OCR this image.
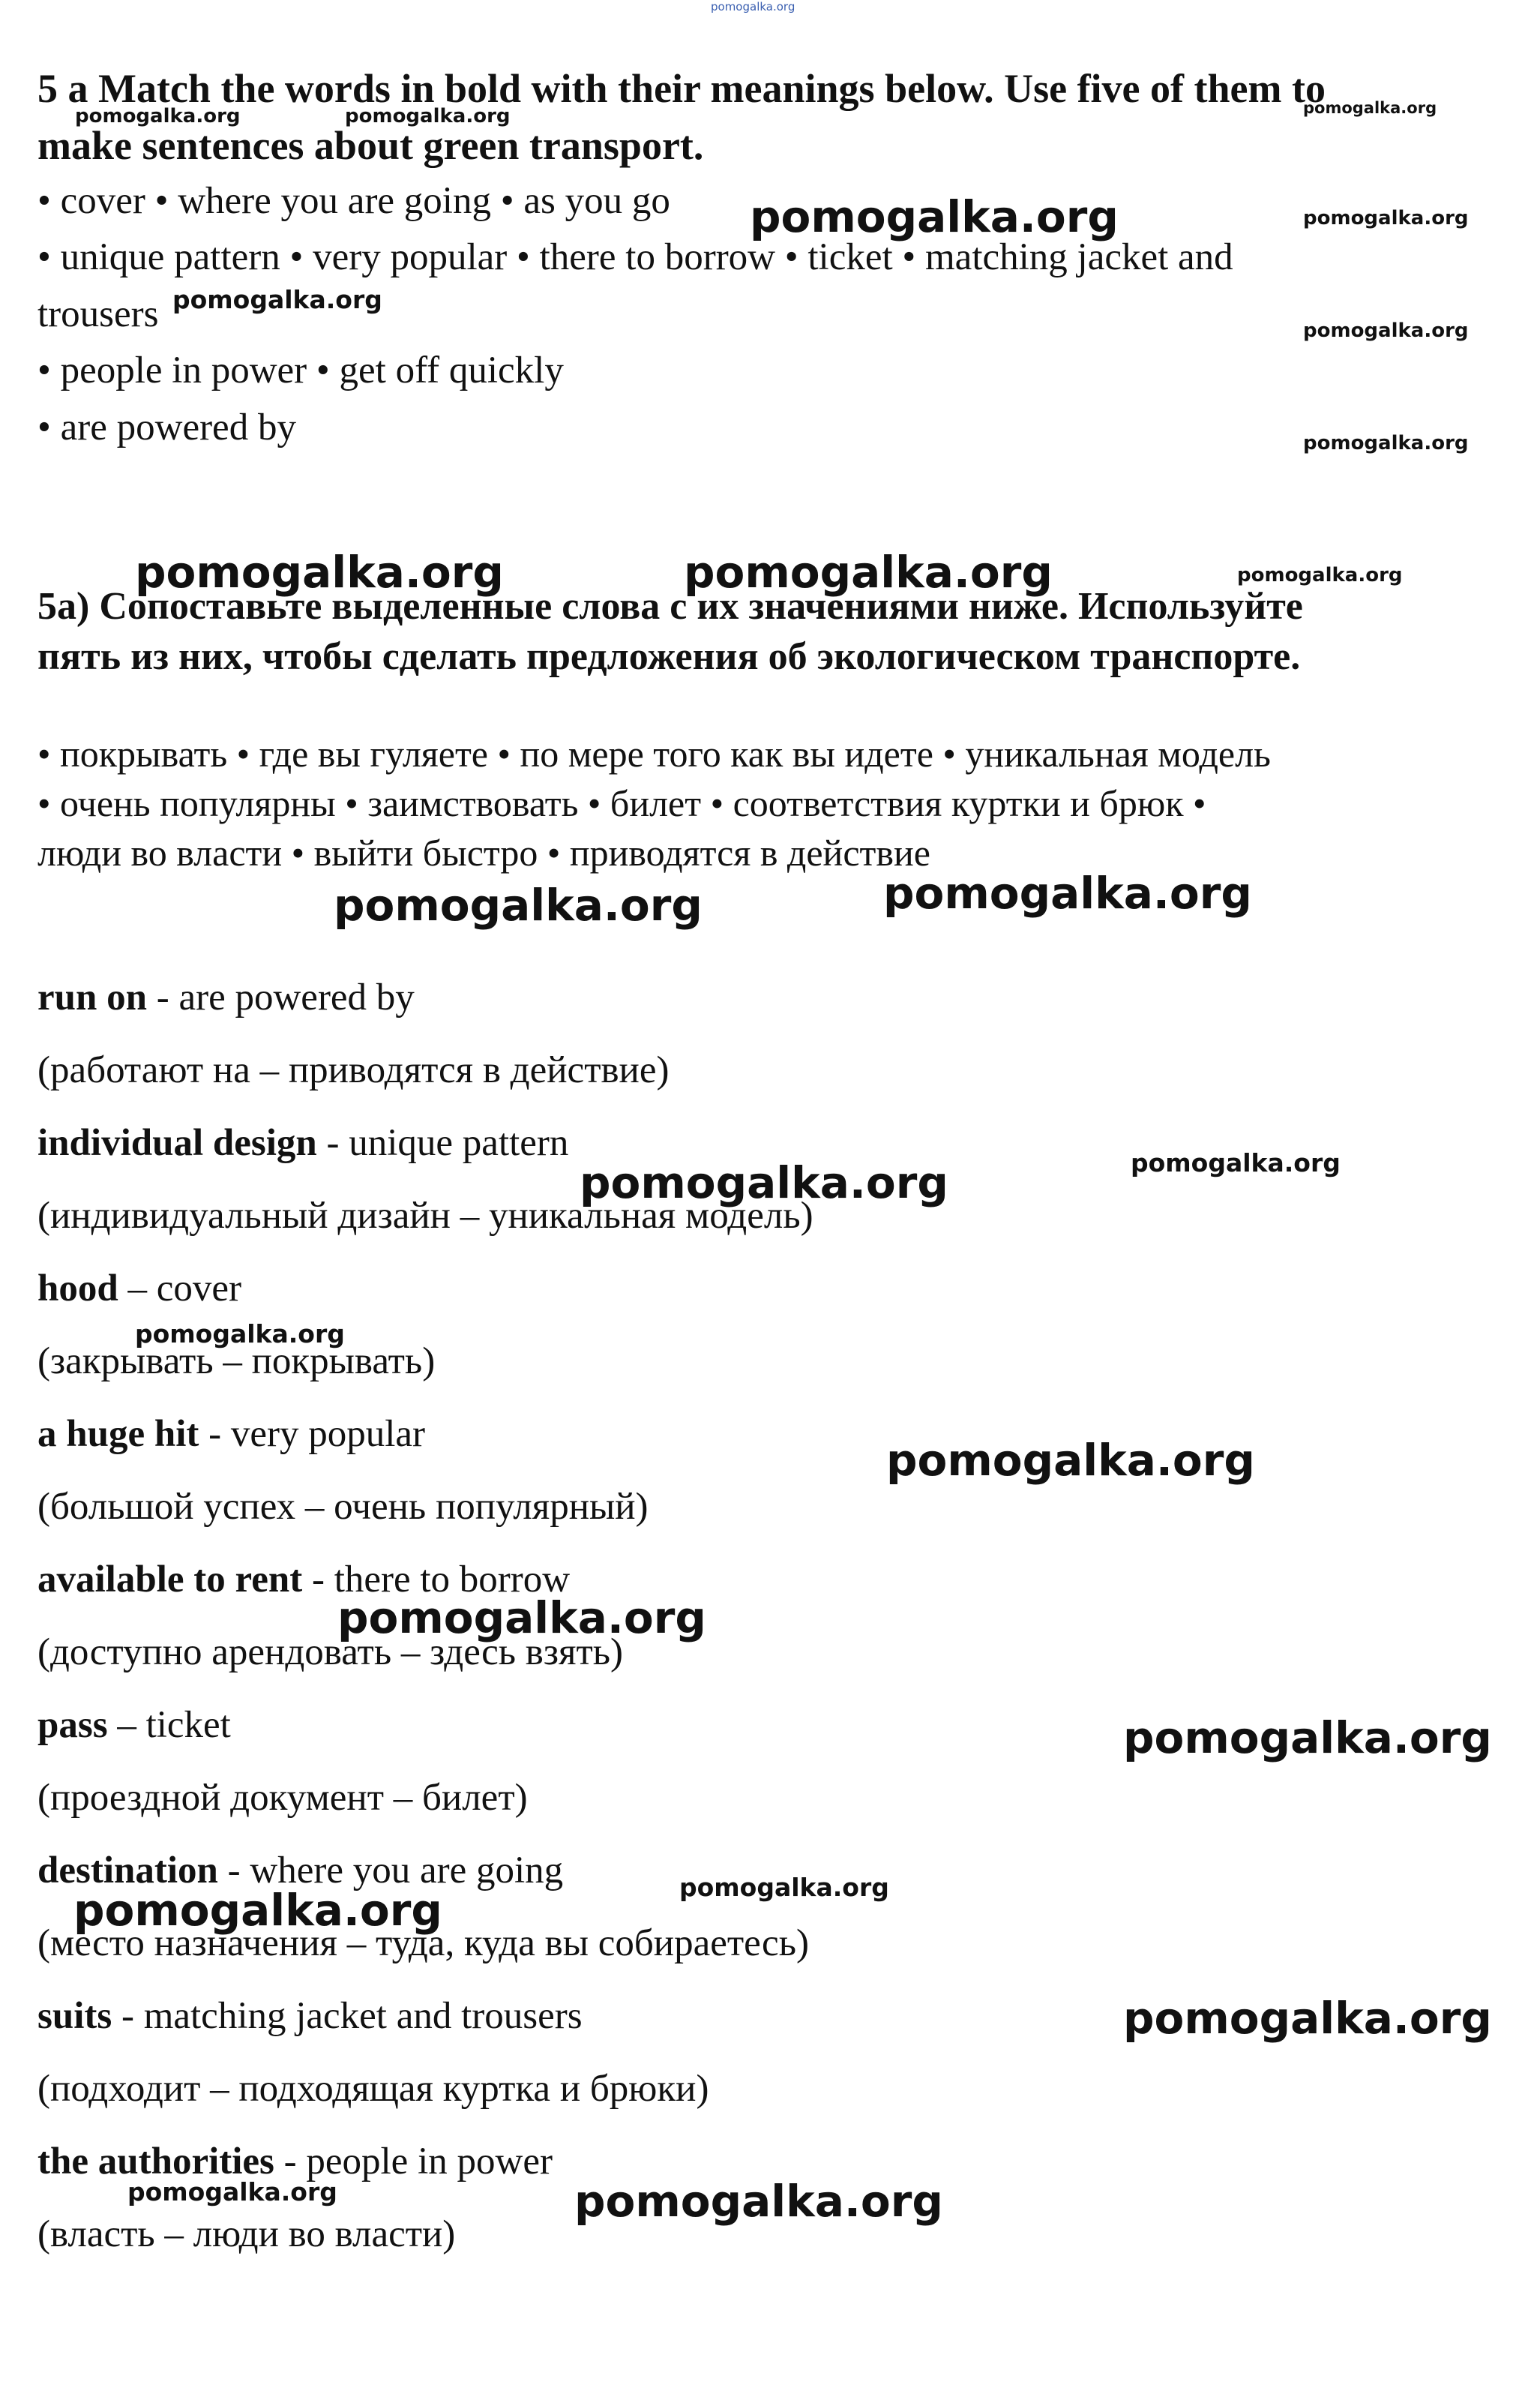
pomogalka.org
5 a Match the words in bold with their meanings below. Use five of them to
make sentences about green transport.
• cover • where you are going • as you go
• unique pattern • very popular • there to borrow • ticket • matching jacket and
trousers
• people in power • get off quickly
• are powered by
5a) Сопоставьте выделенные слова с их значениями ниже. Используйте
пять из них, чтобы сделать предложения об экологическом транспорте.
• покрывать • где вы гуляете • по мере того как вы идете • уникальная модель
• очень популярны • заимствовать • билет • соответствия куртки и брюк •
люди во власти • выйти быстро • приводятся в действие
run on - are powered by
(работают на – приводятся в действие)
individual design - unique pattern
(индивидуальный дизайн – уникальная модель)
hood – cover
(закрывать – покрывать)
a huge hit - very popular
(большой успех – очень популярный)
available to rent - there to borrow
(доступно арендовать – здесь взять)
pass – ticket
(проездной документ – билет)
destination - where you are going
(место назначения – туда, куда вы собираетесь)
suits - matching jacket and trousers
(подходит – подходящая куртка и брюки)
the authorities - people in power
(власть – люди во власти)
pomogalka.org	pomogalka.org	pomogalka.org
pomogalka.org	pomogalka.org
pomogalka.org
pomogalka.org
pomogalka.org
pomogalka.org	pomogalka.org	pomogalka.org
pomogalka.org	pomogalka.org
pomogalka.org	pomogalka.org
pomogalka.org
pomogalka.org
pomogalka.org
pomogalka.org
pomogalka.org
pomogalka.org
pomogalka.org
pomogalka.org	pomogalka.org
